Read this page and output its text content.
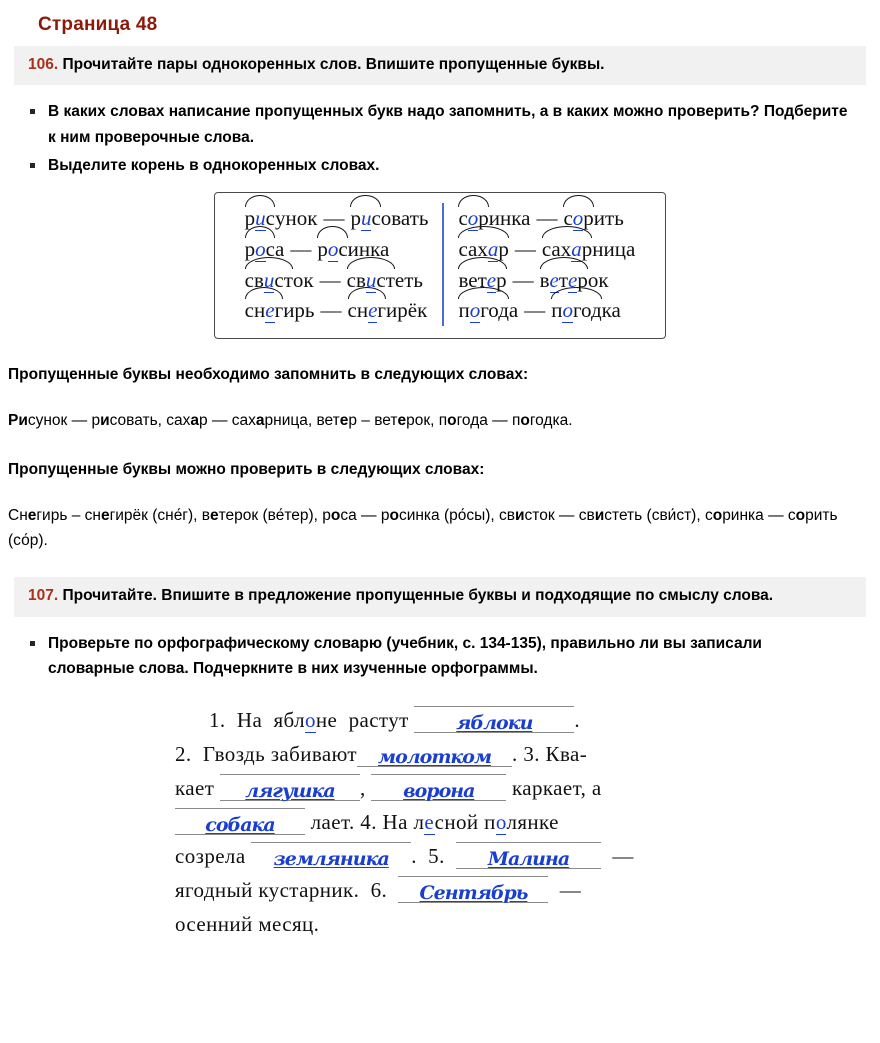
Страница 48
106. Прочитайте пары однокоренных слов. Впишите пропущенные буквы.
В каких словах написание пропущенных букв надо запомнить, а в каких можно проверить? Подберите к ним проверочные слова.
Выделите корень в однокоренных словах.
рисунок — рисовать
роса — росинка
свисток — свистеть
снегирь — снегирёк
соринка — сорить
сахар — сахарница
ветер — ветерок
погода — погодка
Пропущенные буквы необходимо запомнить в следующих словах:
Рисунок — рисовать, сахар — сахарница, ветер – ветерок, погода — погодка.
Пропущенные буквы можно проверить в следующих словах:
Снегирь – снегирёк (сне́г), ветерок (ве́тер), роса — росинка (ро́сы), свисток — свистеть (сви́ст), соринка — сорить (со́р).
107. Прочитайте. Впишите в предложение пропущенные буквы и подходящие по смыслу слова.
Проверьте по орфографическому словарю (учебник, с. 134-135), правильно ли вы записали словарные слова. Подчеркните в них изученные орфограммы.
1. На яблоне растут	яблоки .
2. Гвоздь забивают молотком . 3. Ква-
кает лягушка , ворона каркает, а
собака лает. 4. На лесной полянке
созрела земляника . 5. Малина —
ягодный кустарник. 6. Сентябрь —
осенний месяц.
